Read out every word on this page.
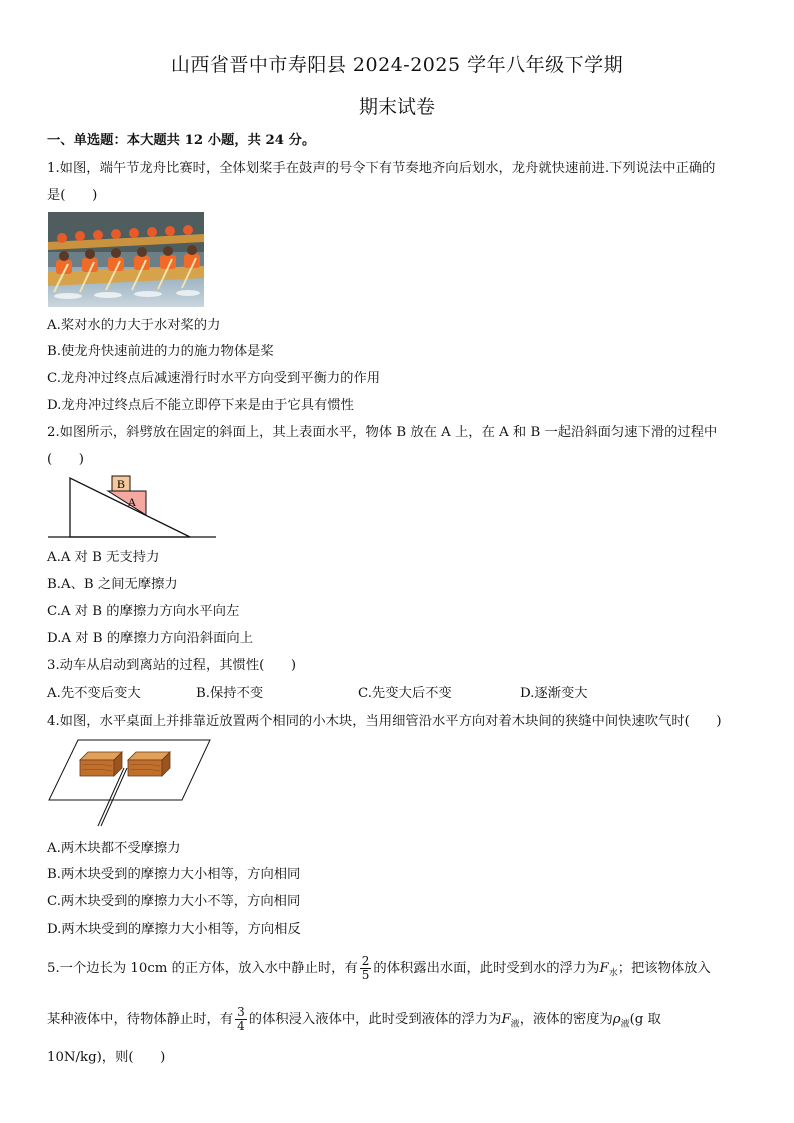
山西省晋中市寿阳县 2024-2025 学年八年级下学期
期末试卷
一、单选题：本大题共 12 小题，共 24 分。
1.如图，端午节龙舟比赛时，全体划桨手在鼓声的号令下有节奏地齐向后划水，龙舟就快速前进.下列说法中正确的
是(　　)
A.桨对水的力大于水对桨的力
B.使龙舟快速前进的力的施力物体是桨
C.龙舟冲过终点后减速滑行时水平方向受到平衡力的作用
D.龙舟冲过终点后不能立即停下来是由于它具有惯性
2.如图所示，斜劈放在固定的斜面上，其上表面水平，物体 B 放在 A 上，在 A 和 B 一起沿斜面匀速下滑的过程中
(　　)
B
A
A.A 对 B 无支持力
B.A、B 之间无摩擦力
C.A 对 B 的摩擦力方向水平向左
D.A 对 B 的摩擦力方向沿斜面向上
3.动车从启动到离站的过程，其惯性(　　)
A.先不变后变大	B.保持不变	C.先变大后不变	D.逐渐变大
4.如图，水平桌面上并排靠近放置两个相同的小木块，当用细管沿水平方向对着木块间的狭缝中间快速吹气时(　　)
A.两木块都不受摩擦力
B.两木块受到的摩擦力大小相等，方向相同
C.两木块受到的摩擦力大小不等，方向相同
D.两木块受到的摩擦力大小相等，方向相反
5.一个边长为 10cm 的正方体，放入水中静止时，有 $\frac{2}{5}$ 的体积露出水面，此时受到水的浮力为$F_水$；把该物体放入
某种液体中，待物体静止时，有 $\frac{3}{4}$ 的体积浸入液体中，此时受到液体的浮力为$F_液$，液体的密度为$\rho_液(g$ 取
10N/kg)，则(　　)
